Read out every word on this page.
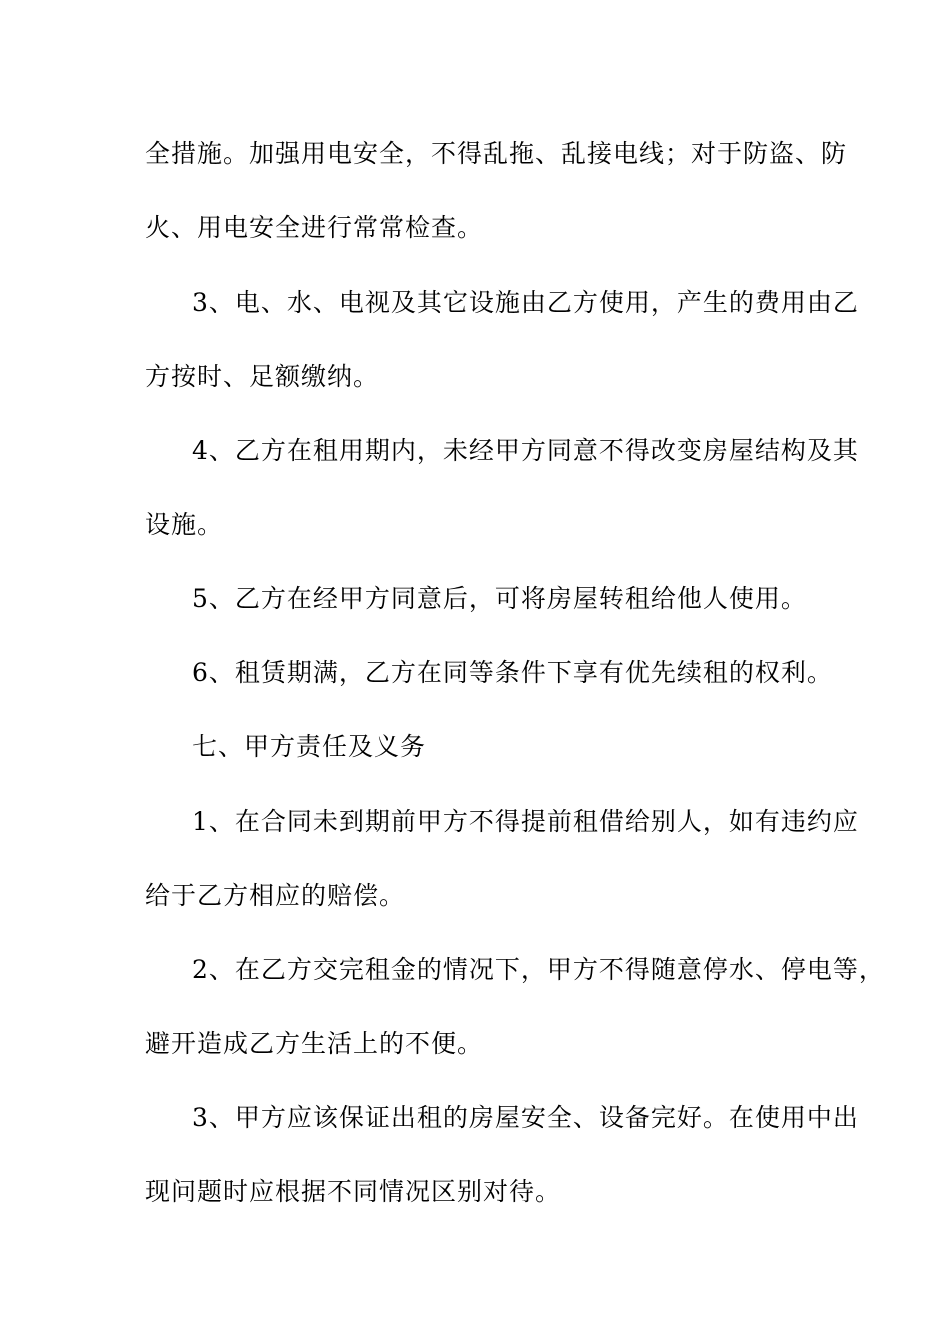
全措施。加强用电安全，不得乱拖、乱接电线；对于防盗、防
火、用电安全进行常常检查。
3、电、水、电视及其它设施由乙方使用，产生的费用由乙
方按时、足额缴纳。
4、乙方在租用期内，未经甲方同意不得改变房屋结构及其
设施。
5、乙方在经甲方同意后，可将房屋转租给他人使用。
6、租赁期满，乙方在同等条件下享有优先续租的权利。
七、甲方责任及义务
1、在合同未到期前甲方不得提前租借给别人，如有违约应
给于乙方相应的赔偿。
2、在乙方交完租金的情况下，甲方不得随意停水、停电等，
避开造成乙方生活上的不便。
3、甲方应该保证出租的房屋安全、设备完好。在使用中出
现问题时应根据不同情况区别对待。
